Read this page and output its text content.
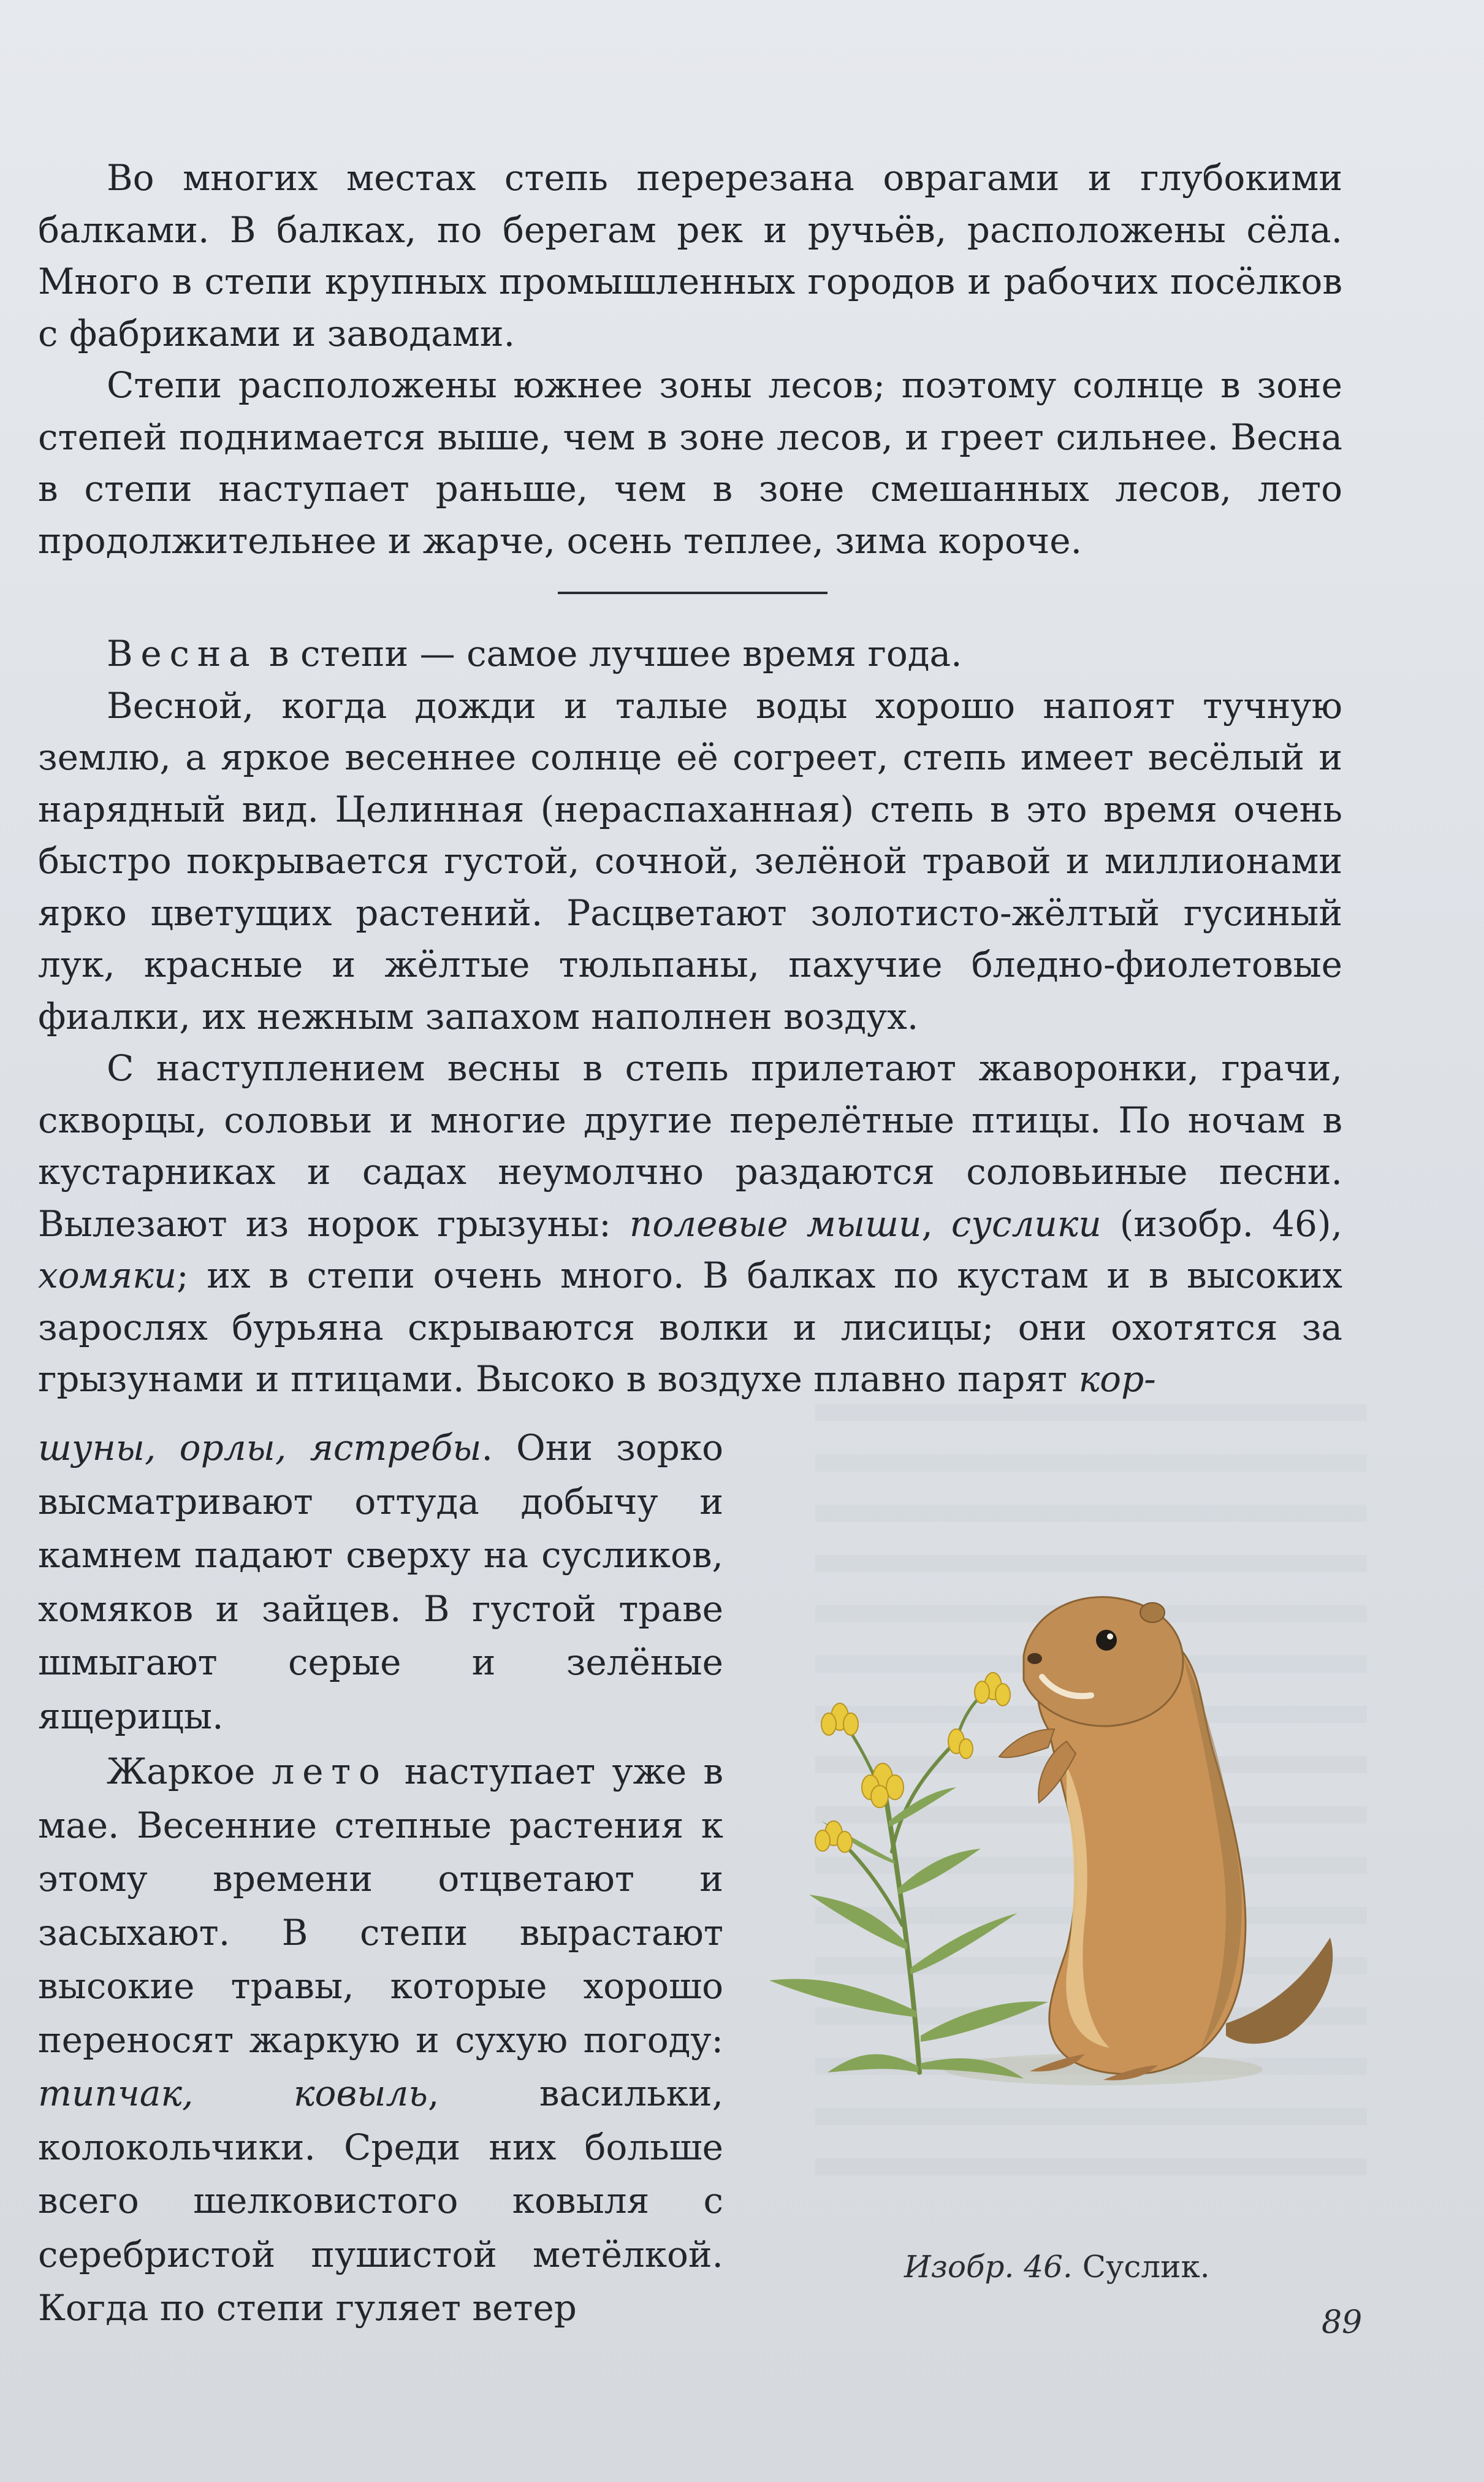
Во многих местах степь перерезана оврагами и глубокими балками. В балках, по берегам рек и ручьёв, расположены сёла. Много в степи крупных промышленных городов и рабочих посёлков с фабриками и заводами.

Степи расположены южнее зоны лесов; поэтому солнце в зоне степей поднимается выше, чем в зоне лесов, и греет сильнее. Весна в степи наступает раньше, чем в зоне смешанных лесов, лето продолжительнее и жарче, осень теплее, зима короче.

Весна в степи — самое лучшее время года.

Весной, когда дожди и талые воды хорошо напоят тучную землю, а яркое весеннее солнце её согреет, степь имеет весёлый и нарядный вид. Целинная (нераспаханная) степь в это время очень быстро покрывается густой, сочной, зелёной травой и миллионами ярко цветущих растений. Расцветают золотисто-жёлтый гусиный лук, красные и жёлтые тюльпаны, пахучие бледно-фиолетовые фиалки, их нежным запахом наполнен воздух.

С наступлением весны в степь прилетают жаворонки, грачи, скворцы, соловьи и многие другие перелётные птицы. По ночам в кустарниках и садах неумолчно раздаются соловьиные песни. Вылезают из норок грызуны: полевые мыши, суслики (изобр. 46), хомяки; их в степи очень много. В балках по кустам и в высоких зарослях бурьяна скрываются волки и лисицы; они охотятся за грызунами и птицами. Высоко в воздухе плавно парят кор-

шуны, орлы, ястребы. Они зорко высматривают оттуда добычу и камнем падают сверху на сусликов, хомяков и зайцев. В густой траве шмыгают серые и зелёные ящерицы.

Жаркое лето наступает уже в мае. Весенние степные растения к этому времени отцветают и засыхают. В степи вырастают высокие травы, которые хорошо переносят жаркую и сухую погоду: типчак, ковыль, васильки, колокольчики. Среди них больше всего шелковистого ковыля с серебристой пушистой метёлкой. Когда по степи гуляет ветер

Изобр. 46. Суслик.
89
